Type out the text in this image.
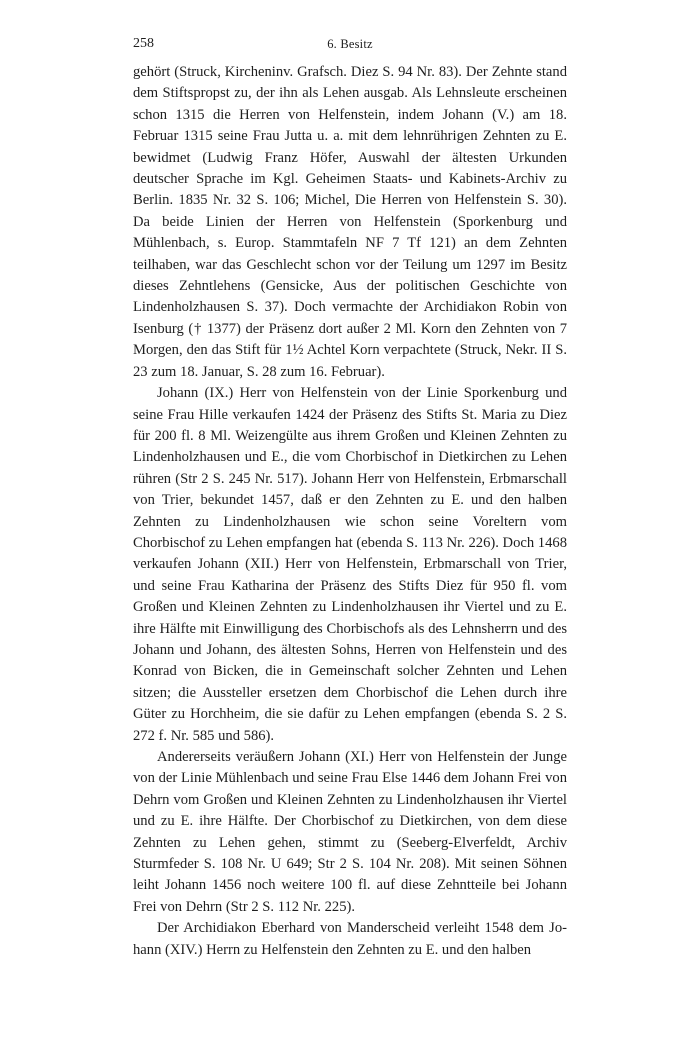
258	6. Besitz

gehört (Struck, Kircheninv. Grafsch. Diez S. 94 Nr. 83). Der Zehnte stand dem Stiftspropst zu, der ihn als Lehen ausgab. Als Lehnsleute erscheinen schon 1315 die Herren von Helfenstein, indem Johann (V.) am 18. Februar 1315 seine Frau Jutta u. a. mit dem lehnrührigen Zehnten zu E. bewidmet (Ludwig Franz Höfer, Auswahl der ältesten Urkunden deutscher Sprache im Kgl. Geheimen Staats- und Kabinets-Archiv zu Berlin. 1835 Nr. 32 S. 106; Michel, Die Herren von Helfenstein S. 30). Da beide Linien der Herren von Helfenstein (Sporkenburg und Mühlenbach, s. Europ. Stammtafeln NF 7 Tf 121) an dem Zehnten teilhaben, war das Geschlecht schon vor der Teilung um 1297 im Besitz dieses Zehntlehens (Gensicke, Aus der politischen Geschichte von Lindenholzhausen S. 37). Doch vermachte der Archidiakon Robin von Isenburg († 1377) der Präsenz dort außer 2 Ml. Korn den Zehnten von 7 Morgen, den das Stift für 1½ Achtel Korn verpachtete (Struck, Nekr. II S. 23 zum 18. Januar, S. 28 zum 16. Februar).

Johann (IX.) Herr von Helfenstein von der Linie Sporkenburg und seine Frau Hille verkaufen 1424 der Präsenz des Stifts St. Maria zu Diez für 200 fl. 8 Ml. Weizengülte aus ihrem Großen und Kleinen Zehnten zu Lindenholzhausen und E., die vom Chorbischof in Dietkirchen zu Lehen rühren (Str 2 S. 245 Nr. 517). Johann Herr von Helfenstein, Erbmarschall von Trier, bekundet 1457, daß er den Zehnten zu E. und den halben Zehnten zu Lindenholzhausen wie schon seine Voreltern vom Chorbischof zu Lehen empfangen hat (ebenda S. 113 Nr. 226). Doch 1468 verkaufen Johann (XII.) Herr von Helfenstein, Erbmarschall von Trier, und seine Frau Katharina der Präsenz des Stifts Diez für 950 fl. vom Großen und Kleinen Zehnten zu Lindenholzhausen ihr Viertel und zu E. ihre Hälfte mit Einwilligung des Chorbischofs als des Lehnsherrn und des Johann und Johann, des ältesten Sohns, Herren von Helfenstein und des Konrad von Bicken, die in Gemeinschaft solcher Zehnten und Lehen sitzen; die Aussteller ersetzen dem Chorbischof die Lehen durch ihre Güter zu Horchheim, die sie dafür zu Lehen empfangen (ebenda S. 2 S. 272 f. Nr. 585 und 586).

Andererseits veräußern Johann (XI.) Herr von Helfenstein der Junge von der Linie Mühlenbach und seine Frau Else 1446 dem Johann Frei von Dehrn vom Großen und Kleinen Zehnten zu Lindenholzhausen ihr Viertel und zu E. ihre Hälfte. Der Chorbischof zu Dietkirchen, von dem diese Zehnten zu Lehen gehen, stimmt zu (Seeberg-Elverfeldt, Archiv Sturmfeder S. 108 Nr. U 649; Str 2 S. 104 Nr. 208). Mit seinen Söhnen leiht Johann 1456 noch weitere 100 fl. auf diese Zehntteile bei Johann Frei von Dehrn (Str 2 S. 112 Nr. 225).

Der Archidiakon Eberhard von Manderscheid verleiht 1548 dem Johann (XIV.) Herrn zu Helfenstein den Zehnten zu E. und den halben
